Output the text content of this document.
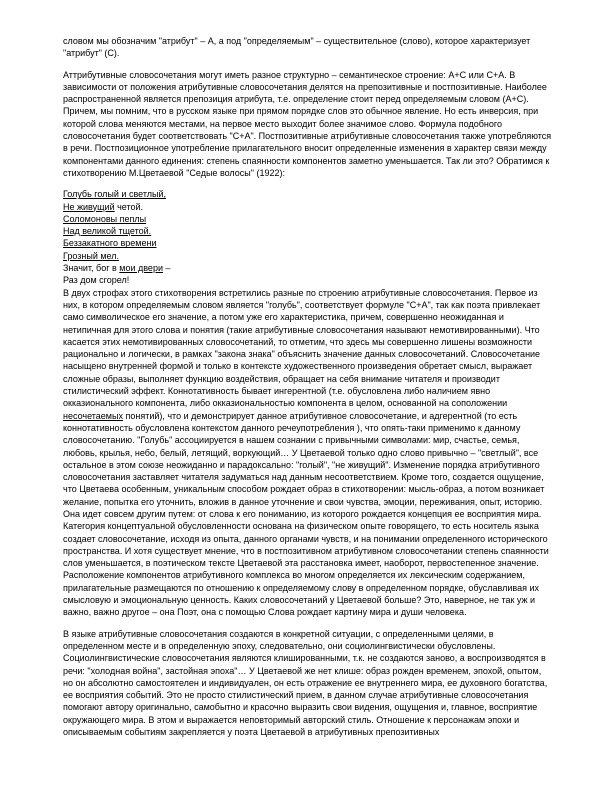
словом мы обозначим "атрибут" – А, а под "определяемым" – существительное (слово), которое характеризует "атрибут" (С).

Аттрибутивные словосочетания могут иметь разное структурно – семантическое строение: А+С или С+А. В зависимости от положения атрибутивные словосочетания делятся на препозитивные и постпозитивные. Наиболее распространенной является препозиция атрибута, т.е. определение стоит перед определяемым словом (А+С). Причем, мы помним, что в русском языке при прямом порядке слов это обычное явление. Но есть инверсия, при которой слова меняются местами, на первое место выходит более значимое слово. Формула подобного словосочетания будет соответствовать "С+А". Постпозитивные атрибутивные словосочетания также употребляются в речи. Постпозиционное употребление прилагательного вносит определенные изменения в характер связи между компонентами данного единения: степень спаянности компонентов заметно уменьшается. Так ли это? Обратимся к стихотворению М.Цветаевой "Седые волосы" (1922):

Голубь голый и светлый,
Не живущий четой.
Соломоновы пеплы
Над великой тщетой.
Беззакатного времени
Грозный мел.
Значит, бог в мои двери –
Раз дом сгорел!

В двух строфах этого стихотворения встретились разные по строению атрибутивные словосочетания. Первое из них, в котором определяемым словом является "голубь", соответствует формуле "С+А", так как поэта привлекает само символическое его значение, а потом уже его характеристика, причем, совершенно неожиданная и нетипичная для этого слова и понятия (такие атрибутивные словосочетания называют немотивированными). Что касается этих немотивированных словосочетаний, то отметим, что здесь мы совершенно лишены возможности рационально и логически, в рамках "закона знака" объяснить значение данных словосочетаний. Словосочетание насыщено внутренней формой и только в контексте художественного произведения обретает смысл, выражает сложные образы, выполняет функцию воздействия, обращает на себя внимание читателя и производит стилистический эффект. Коннотативность бывает ингерентной (т.е. обусловлена либо наличием явно окказионального компонента, либо окказиональностью компонента в целом, основанной на соположении несочетаемых понятий), что и демонстрирует данное атрибутивное словосочетание, и адгерентной (то есть коннотативность обусловлена контекстом данного речеупотребления ), что опять-таки применимо к данному словосочетанию. "Голубь" ассоциируется в нашем сознании с привычными символами: мир, счастье, семья, любовь, крылья, небо, белый, летящий, воркующий… У Цветаевой только одно слово привычно – "светлый", все остальное в этом союзе неожиданно и парадоксально: "голый", "не живущий". Изменение порядка атрибутивного словосочетания заставляет читателя задуматься над данным несоответствием. Кроме того, создается ощущение, что Цветаева особенным, уникальным способом рождает образ в стихотворении: мысль-образ, а потом возникает желание, попытка его уточнить, вложив в данное уточнение и свои чувства, эмоции, переживания, опыт, историю. Она идет совсем другим путем: от слова к его пониманию, из которого рождается концепция ее восприятия мира. Категория концептуальной обусловленности основана на физическом опыте говорящего, то есть носитель языка создает словосочетание, исходя из опыта, данного органами чувств, и на понимании определенного исторического пространства. И хотя существует мнение, что в постпозитивном атрибутивном словосочетании степень спаянности слов уменьшается, в поэтическом тексте Цветаевой эта расстановка имеет, наоборот, первостепенное значение. Расположение компонентов атрибутивного комплекса во многом определяется их лексическим содержанием, прилагательные размещаются по отношению к определяемому слову в определенном порядке, обуславливая их смысловую и эмоциональную ценность. Каких словосочетаний у Цветаевой больше? Это, наверное, не так уж и важно, важно другое – она Поэт, она с помощью Слова рождает картину мира и души человека.

В языке атрибутивные словосочетания создаются в конкретной ситуации, с определенными целями, в определенном месте и в определенную эпоху, следовательно, они социолингвистически обусловлены. Социолингвистические словосочетания являются клишированными, т.к. не создаются заново, а воспроизводятся в речи: "холодная война", застойная эпоха"… У Цветаевой же нет клише: образ рожден временем, эпохой, опытом, но он абсолютно самостоятелен и индивидуален, он есть отражение ее внутреннего мира, ее духовного богатства, ее восприятия событий. Это не просто стилистический прием, в данном случае атрибутивные словосочетания помогают автору оригинально, самобытно и красочно выразить свои видения, ощущения и, главное, восприятие окружающего мира. В этом и выражается неповторимый авторский стиль. Отношение к персонажам эпохи и описываемым событиям закрепляется у поэта Цветаевой в атрибутивных препозитивных
